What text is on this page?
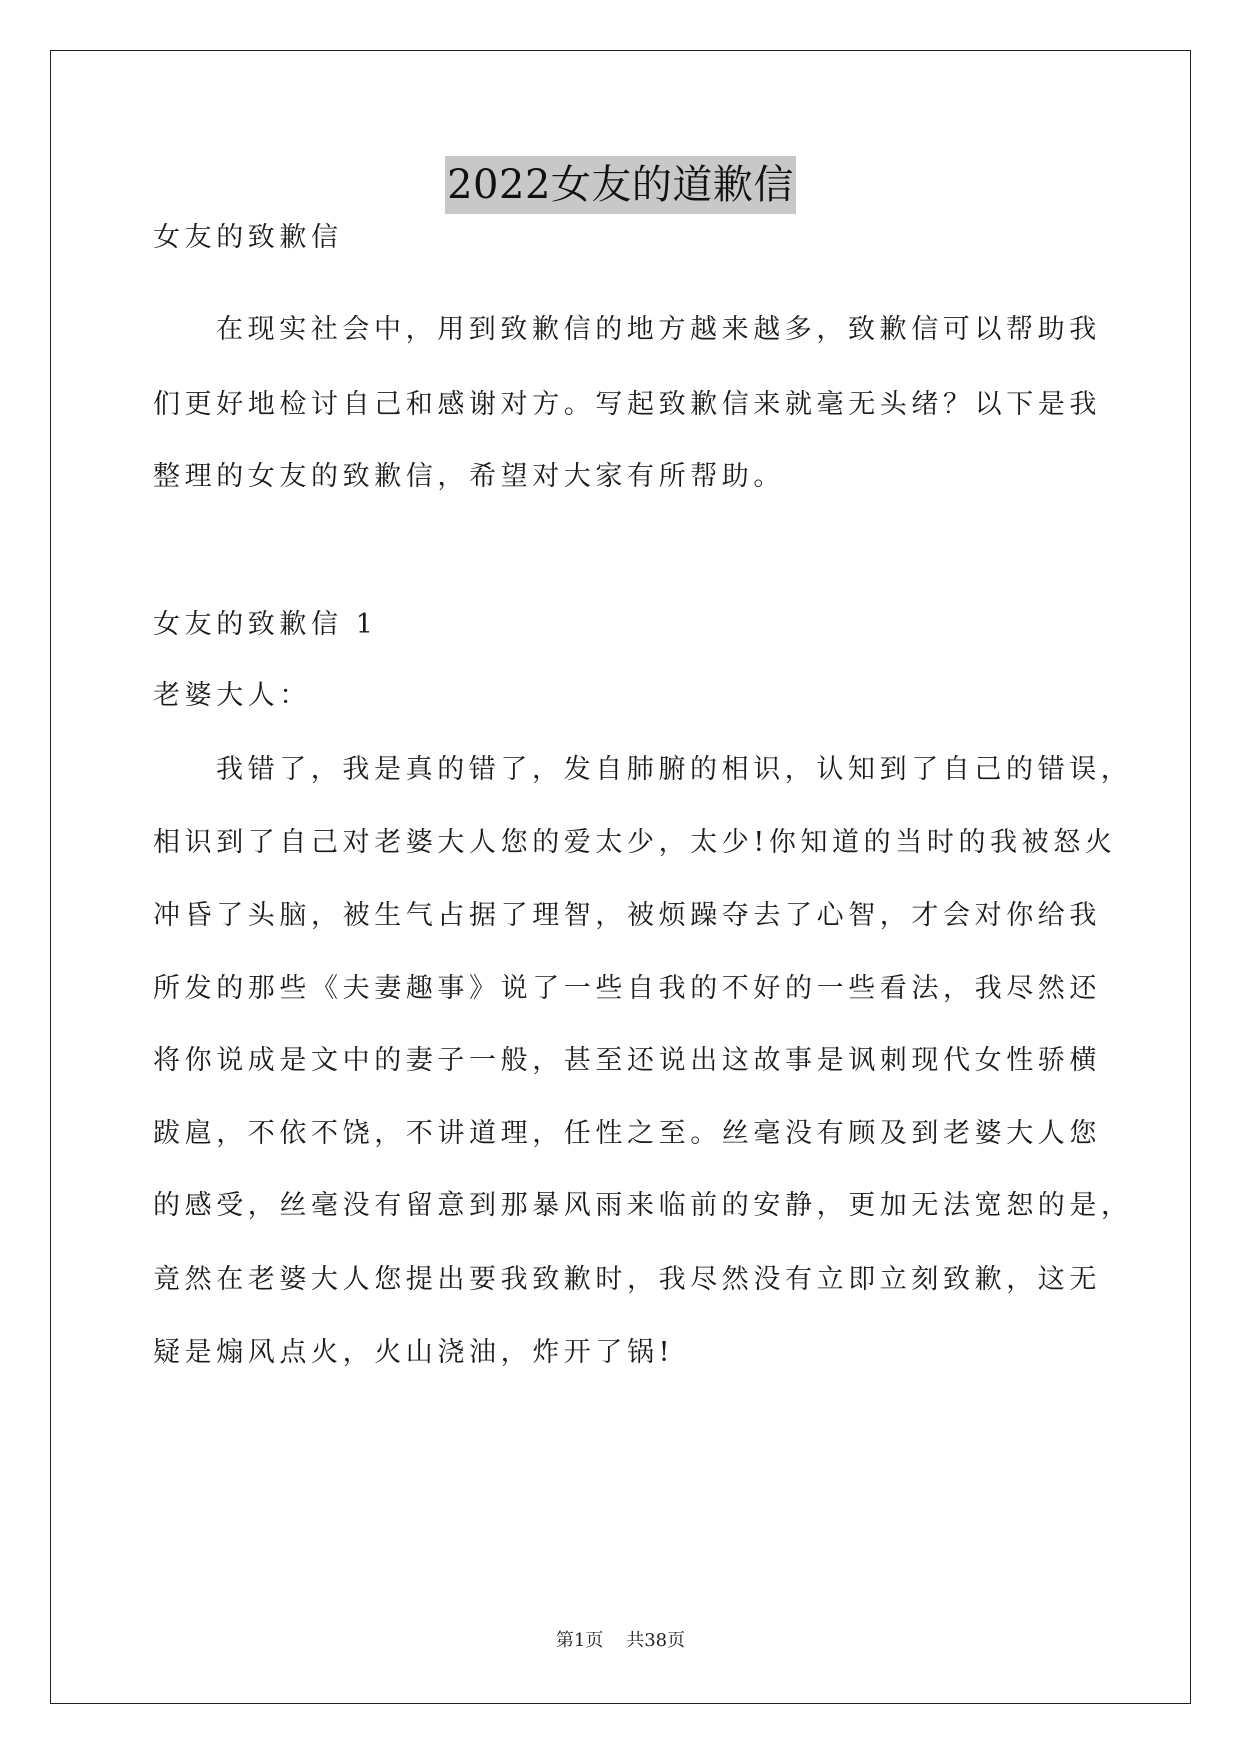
2022女友的道歉信
女友的致歉信
在现实社会中，用到致歉信的地方越来越多，致歉信可以帮助我
们更好地检讨自己和感谢对方。写起致歉信来就毫无头绪？以下是我
整理的女友的致歉信，希望对大家有所帮助。
女友的致歉信 1
老婆大人：
我错了，我是真的错了，发自肺腑的相识，认知到了自己的错误，
相识到了自己对老婆大人您的爱太少，太少!你知道的当时的我被怒火
冲昏了头脑，被生气占据了理智，被烦躁夺去了心智，才会对你给我
所发的那些《夫妻趣事》说了一些自我的不好的一些看法，我尽然还
将你说成是文中的妻子一般，甚至还说出这故事是讽刺现代女性骄横
跋扈，不依不饶，不讲道理，任性之至。丝毫没有顾及到老婆大人您
的感受，丝毫没有留意到那暴风雨来临前的安静，更加无法宽恕的是，
竟然在老婆大人您提出要我致歉时，我尽然没有立即立刻致歉，这无
疑是煽风点火，火山浇油，炸开了锅!
第1页    共38页
